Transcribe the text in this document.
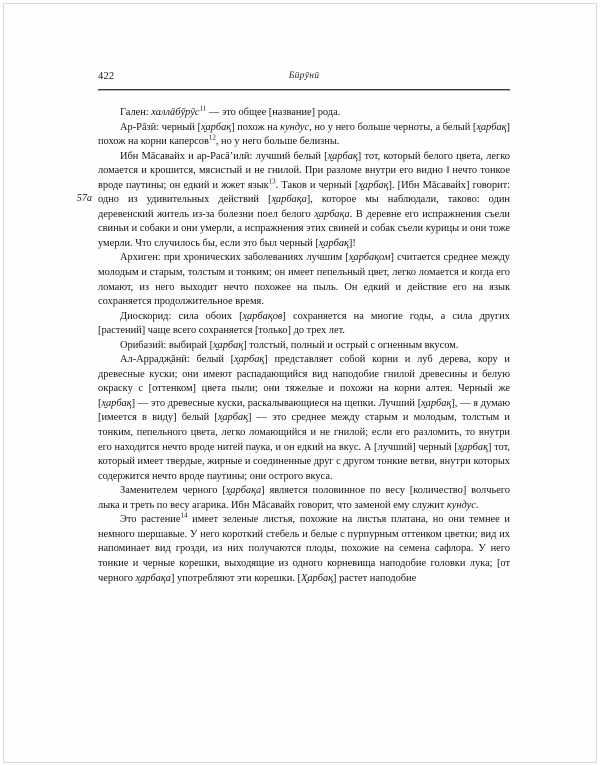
422	Бӣрӯнӣ

Гален: халлāбӯрӯс$^{11}$ — это общее [название] рода.

Ар-Рāзӣ: черный [х̮арбақ] похож на кундус, но у него больше черноты, а белый [х̮арбақ] похож на корни каперсов$^{12}$, но у него больше белизны.

Ибн Мāсавайх и ар-Расā’илӣ: лучший белый [х̮арбақ] тот, который белого цвета, легко ломается и крошится, мясистый и не гнилой. При разломе внутри его видно ‖ нечто тонкое вроде паутины; он едкий и жжет язык$^{13}$. Таков и черный [х̮арбақ]. [Ибн Мāсавайх] говорит: одно из удивительных действий [х̮арбақа], которое мы наблюдали, таково: один деревенский житель из-за болезни поел белого х̮арбақа. В деревне его испражнения съели свиньи и собаки и они умерли, а испражнения этих свиней и собак съели курицы и они тоже умерли. Что случилось бы, если это был черный [х̮арбақ]!

Архиген: при хронических заболеваниях лучшим [х̮арбақом] считается среднее между молодым и старым, толстым и тонким; он имеет пепельный цвет, легко ломается и когда его ломают, из него выходит нечто похожее на пыль. Он едкий и действие его на язык сохраняется продолжительное время.

Диоскорид: сила обоих [х̮арбақов] сохраняется на многие годы, а сила других [растений] чаще всего сохраняется [только] до трех лет.

Орибазий: выбирай [х̮арбақ] толстый, полный и острый с огненным вкусом.

Ал-Аррадж̣āнӣ: белый [х̮арбақ] представляет собой корни и луб дерева, кору и древесные куски; они имеют распадающийся вид наподобие гнилой древесины и белую окраску с [оттенком] цвета пыли; они тяжелые и похожи на корни алтея. Черный же [х̮арбақ] — это древесные куски, раскалывающиеся на щепки. Лучший [х̮арбақ], — я думаю [имеется в виду] белый [х̮арбақ] — это среднее между старым и молодым, толстым и тонким, пепельного цвета, легко ломающийся и не гнилой; если его разломить, то внутри его находится нечто вроде нитей паука, и он едкий на вкус. А [лучший] черный [х̮арбақ] тот, который имеет твердые, жирные и соединенные друг с другом тонкие ветви, внутри которых содержится нечто вроде паутины; они острого вкуса.

Заменителем черного [х̮арбақа] является половинное по весу [количество] волчьего лыка и треть по весу агарика. Ибн Мāсавайх говорит, что заменой ему служит кундус.

Это растение$^{14}$ имеет зеленые листья, похожие на листья платана, но они темнее и немного шершавые. У него короткий стебель и белые с пурпурным оттенком цветки; вид их напоминает вид грозди, из них получаются плоды, похожие на семена сафлора. У него тонкие и черные корешки, выходящие из одного корневища наподобие головки лука; [от черного х̮арбақа] употребляют эти корешки. [Х̮арбақ] растет наподобие

57a
